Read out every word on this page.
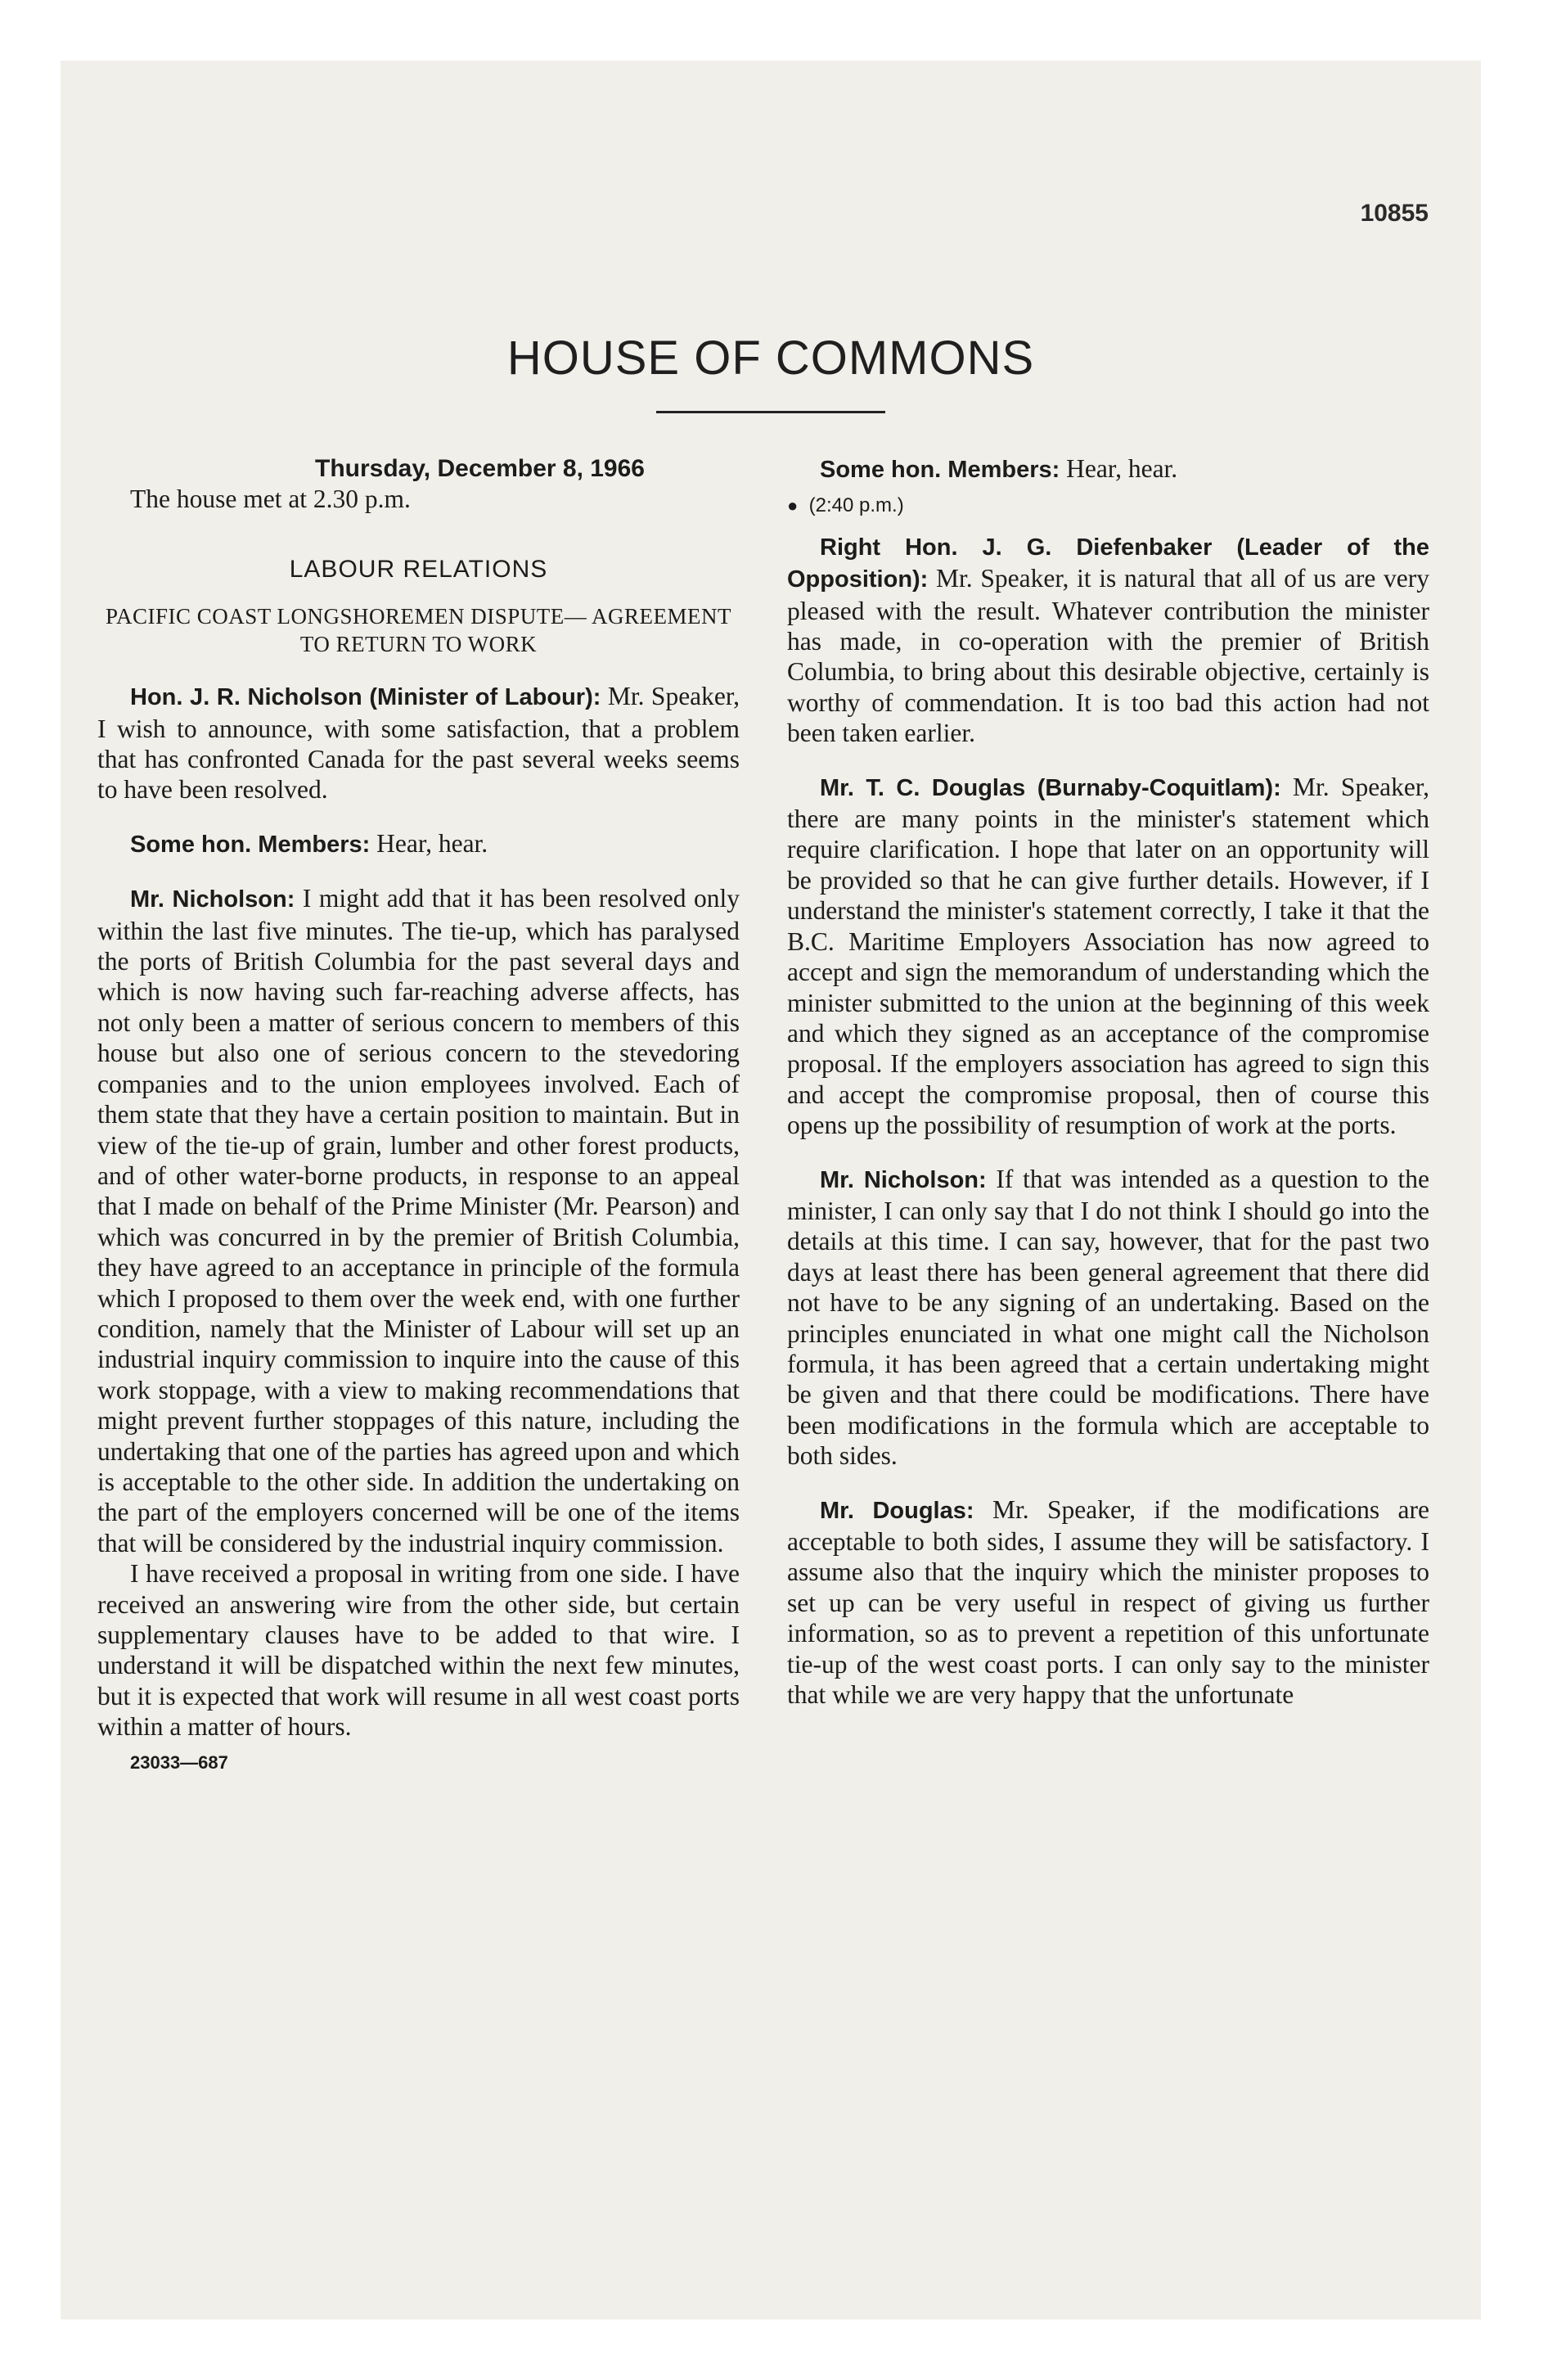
10855

HOUSE OF COMMONS

Thursday, December 8, 1966

The house met at 2.30 p.m.

LABOUR RELATIONS

PACIFIC COAST LONGSHOREMEN DISPUTE— AGREEMENT TO RETURN TO WORK

Hon. J. R. Nicholson (Minister of Labour): Mr. Speaker, I wish to announce, with some satisfaction, that a problem that has confronted Canada for the past several weeks seems to have been resolved.

Some hon. Members: Hear, hear.

Mr. Nicholson: I might add that it has been resolved only within the last five minutes. The tie-up, which has paralysed the ports of British Columbia for the past several days and which is now having such far-reaching adverse affects, has not only been a matter of serious concern to members of this house but also one of serious concern to the stevedoring companies and to the union employees involved. Each of them state that they have a certain position to maintain. But in view of the tie-up of grain, lumber and other forest products, and of other water-borne products, in response to an appeal that I made on behalf of the Prime Minister (Mr. Pearson) and which was concurred in by the premier of British Columbia, they have agreed to an acceptance in principle of the formula which I proposed to them over the week end, with one further condition, namely that the Minister of Labour will set up an industrial inquiry commission to inquire into the cause of this work stoppage, with a view to making recommendations that might prevent further stoppages of this nature, including the undertaking that one of the parties has agreed upon and which is acceptable to the other side. In addition the undertaking on the part of the employers concerned will be one of the items that will be considered by the industrial inquiry commission.

I have received a proposal in writing from one side. I have received an answering wire from the other side, but certain supplementary clauses have to be added to that wire. I understand it will be dispatched within the next few minutes, but it is expected that work will resume in all west coast ports within a matter of hours.

23033—687

Some hon. Members: Hear, hear.

● (2:40 p.m.)

Right Hon. J. G. Diefenbaker (Leader of the Opposition): Mr. Speaker, it is natural that all of us are very pleased with the result. Whatever contribution the minister has made, in co-operation with the premier of British Columbia, to bring about this desirable objective, certainly is worthy of commendation. It is too bad this action had not been taken earlier.

Mr. T. C. Douglas (Burnaby-Coquitlam): Mr. Speaker, there are many points in the minister's statement which require clarification. I hope that later on an opportunity will be provided so that he can give further details. However, if I understand the minister's statement correctly, I take it that the B.C. Maritime Employers Association has now agreed to accept and sign the memorandum of understanding which the minister submitted to the union at the beginning of this week and which they signed as an acceptance of the compromise proposal. If the employers association has agreed to sign this and accept the compromise proposal, then of course this opens up the possibility of resumption of work at the ports.

Mr. Nicholson: If that was intended as a question to the minister, I can only say that I do not think I should go into the details at this time. I can say, however, that for the past two days at least there has been general agreement that there did not have to be any signing of an undertaking. Based on the principles enunciated in what one might call the Nicholson formula, it has been agreed that a certain undertaking might be given and that there could be modifications. There have been modifications in the formula which are acceptable to both sides.

Mr. Douglas: Mr. Speaker, if the modifications are acceptable to both sides, I assume they will be satisfactory. I assume also that the inquiry which the minister proposes to set up can be very useful in respect of giving us further information, so as to prevent a repetition of this unfortunate tie-up of the west coast ports. I can only say to the minister that while we are very happy that the unfortunate
